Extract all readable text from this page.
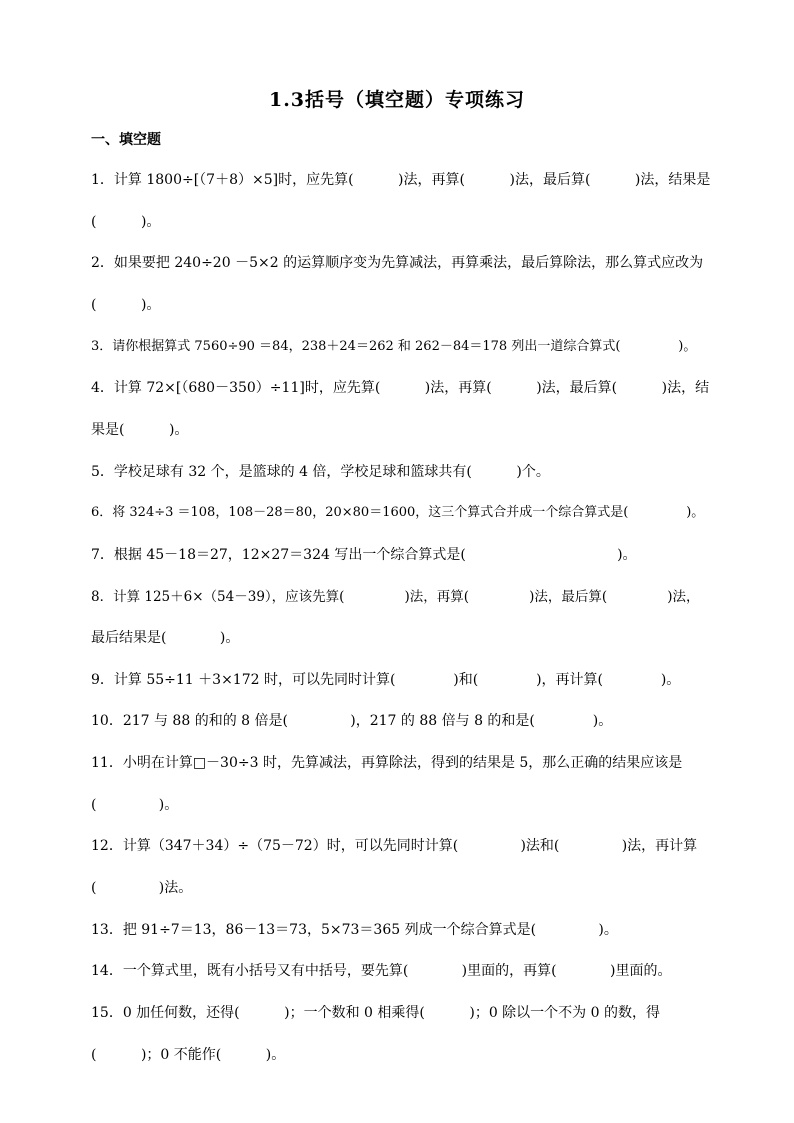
1.3括号（填空题）专项练习
一、填空题
1．计算 1800÷[（7＋8）×5]时，应先算(          )法，再算(          )法，最后算(          )法，结果是
(          )。
2．如果要把 240÷20 －5×2 的运算顺序变为先算减法，再算乘法，最后算除法，那么算式应改为
(          )。
3．请你根据算式 7560÷90 ＝84，238＋24＝262 和 262－84＝178 列出一道综合算式(              )。
4．计算 72×[（680－350）÷11]时，应先算(          )法，再算(          )法，最后算(          )法，结
果是(          )。
5．学校足球有 32 个，是篮球的 4 倍，学校足球和篮球共有(          )个。
6．将 324÷3 ＝108，108－28＝80，20×80＝1600，这三个算式合并成一个综合算式是(              )。
7．根据 45－18＝27，12×27＝324 写出一个综合算式是(                                  )。
8．计算 125＋6×（54－39），应该先算(              )法，再算(              )法，最后算(              )法，
最后结果是(            )。
9．计算 55÷11 ＋3×172 时，可以先同时计算(             )和(             )，再计算(             )。
10．217 与 88 的和的 8 倍是(              )，217 的 88 倍与 8 的和是(             )。
11．小明在计算□－30÷3 时，先算减法，再算除法，得到的结果是 5，那么正确的结果应该是
(              )。
12．计算（347＋34）÷（75－72）时，可以先同时计算(              )法和(              )法，再计算
(              )法。
13．把 91÷7＝13，86－13＝73，5×73＝365 列成一个综合算式是(              )。
14．一个算式里，既有小括号又有中括号，要先算(            )里面的，再算(            )里面的。
15．0 加任何数，还得(          )；一个数和 0 相乘得(          )；0 除以一个不为 0 的数，得
(          )；0 不能作(          )。
